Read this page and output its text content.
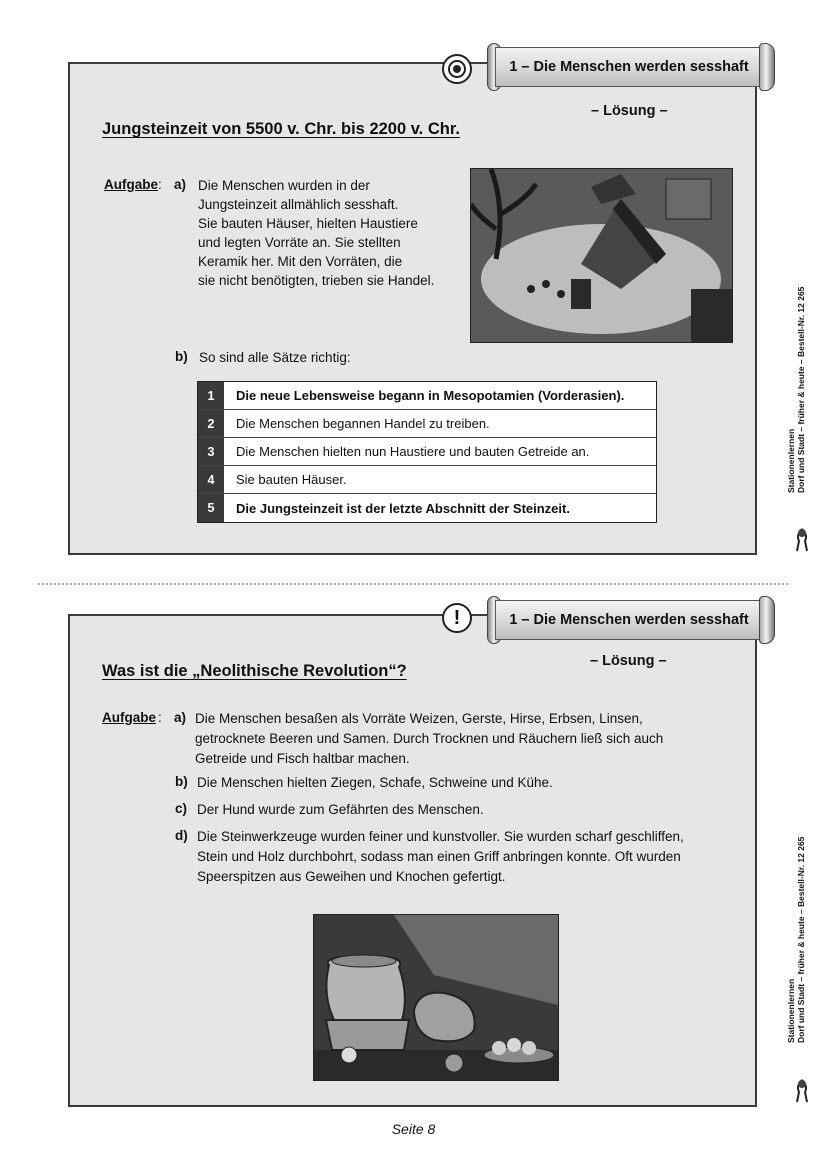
1 – Die Menschen werden sesshaft
– Lösung –
Jungsteinzeit von 5500 v. Chr. bis 2200 v. Chr.
Aufgabe : a) Die Menschen wurden in der
Jungsteinzeit allmählich sesshaft.
Sie bauten Häuser, hielten Haustiere
und legten Vorräte an. Sie stellten
Keramik her. Mit den Vorräten, die
sie nicht benötigten, trieben sie Handel.
b) So sind alle Sätze richtig:
1	Die neue Lebensweise begann in Mesopotamien (Vorderasien).
2	Die Menschen begannen Handel zu treiben.
3	Die Menschen hielten nun Haustiere und bauten Getreide an.
4	Sie bauten Häuser.
5	Die Jungsteinzeit ist der letzte Abschnitt der Steinzeit.
Stationenlernen Dorf und Stadt – früher & heute – Bestell-Nr. 12 265
1 – Die Menschen werden sesshaft
!
– Lösung –
Was ist die „Neolithische Revolution“?
Aufgabe : a) Die Menschen besaßen als Vorräte Weizen, Gerste, Hirse, Erbsen, Linsen,
getrocknete Beeren und Samen. Durch Trocknen und Räuchern ließ sich auch
Getreide und Fisch haltbar machen.
b) Die Menschen hielten Ziegen, Schafe, Schweine und Kühe.
c) Der Hund wurde zum Gefährten des Menschen.
d) Die Steinwerkzeuge wurden feiner und kunstvoller. Sie wurden scharf geschliffen,
Stein und Holz durchbohrt, sodass man einen Griff anbringen konnte. Oft wurden
Speerspitzen aus Geweihen und Knochen gefertigt.
Stationenlernen Dorf und Stadt – früher & heute – Bestell-Nr. 12 265
Seite 8
